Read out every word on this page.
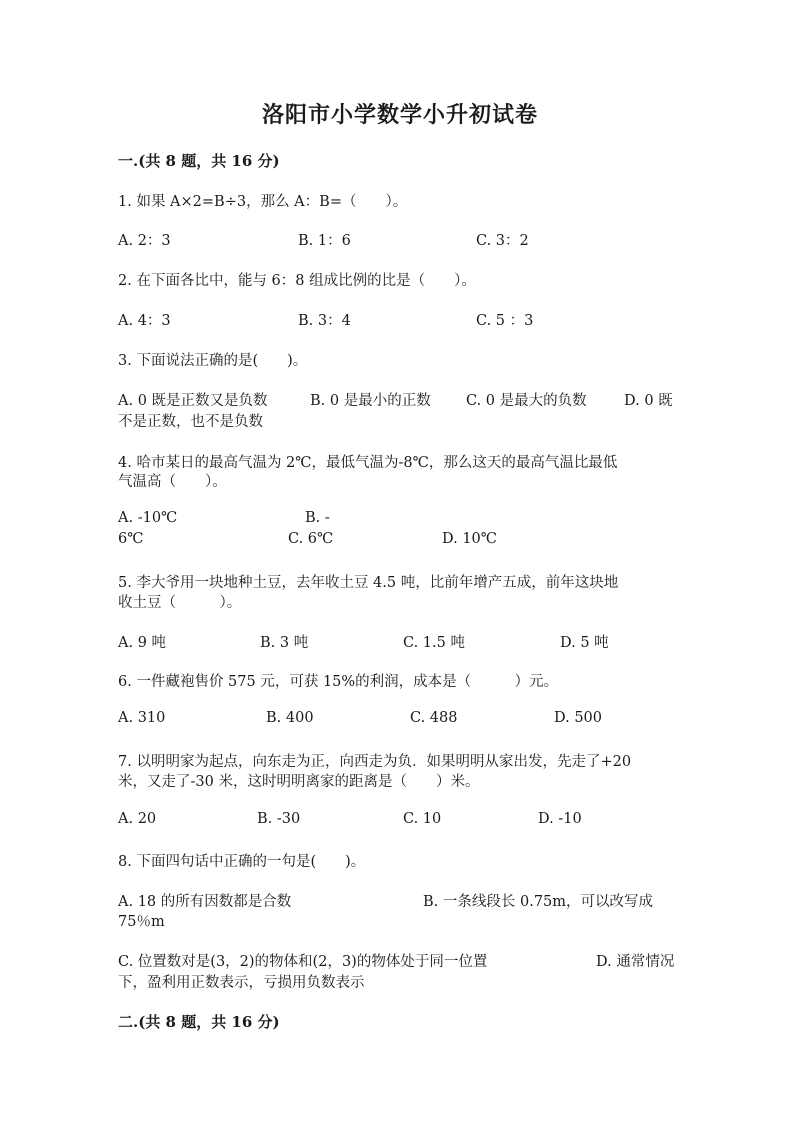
洛阳市小学数学小升初试卷
一.(共 8 题，共 16 分)
1. 如果 A×2=B÷3，那么 A：B=（　　）。
A. 2：3	B. 1：6	C. 3：2
2. 在下面各比中，能与 6：8 组成比例的比是（　　）。
A. 4：3	B. 3：4	C. 5 ：3
3. 下面说法正确的是(　　)。
A. 0 既是正数又是负数	B. 0 是最小的正数 C. 0 是最大的负数	D. 0 既
不是正数，也不是负数
4. 哈市某日的最高气温为 2℃，最低气温为-8℃，那么这天的最高气温比最低
气温高（　　）。
A. -10℃	B. -
6℃	C. 6℃	D. 10℃
5. 李大爷用一块地种土豆，去年收土豆 4.5 吨，比前年增产五成，前年这块地
收土豆（　　　）。
A. 9 吨	B. 3 吨	C. 1.5 吨	D. 5 吨
6. 一件藏袍售价 575 元，可获 15%的利润，成本是（　　　）元。
A. 310	B. 400	C. 488	D. 500
7. 以明明家为起点，向东走为正，向西走为负．如果明明从家出发，先走了+20
米，又走了-30 米，这时明明离家的距离是（　　）米。
A. 20	B. -30	C. 10	D. -10
8. 下面四句话中正确的一句是(　　)。
A. 18 的所有因数都是合数	B. 一条线段长 0.75m，可以改写成
75％m
C. 位置数对是(3，2)的物体和(2，3)的物体处于同一位置	D. 通常情况
下，盈利用正数表示，亏损用负数表示
二.(共 8 题，共 16 分)
